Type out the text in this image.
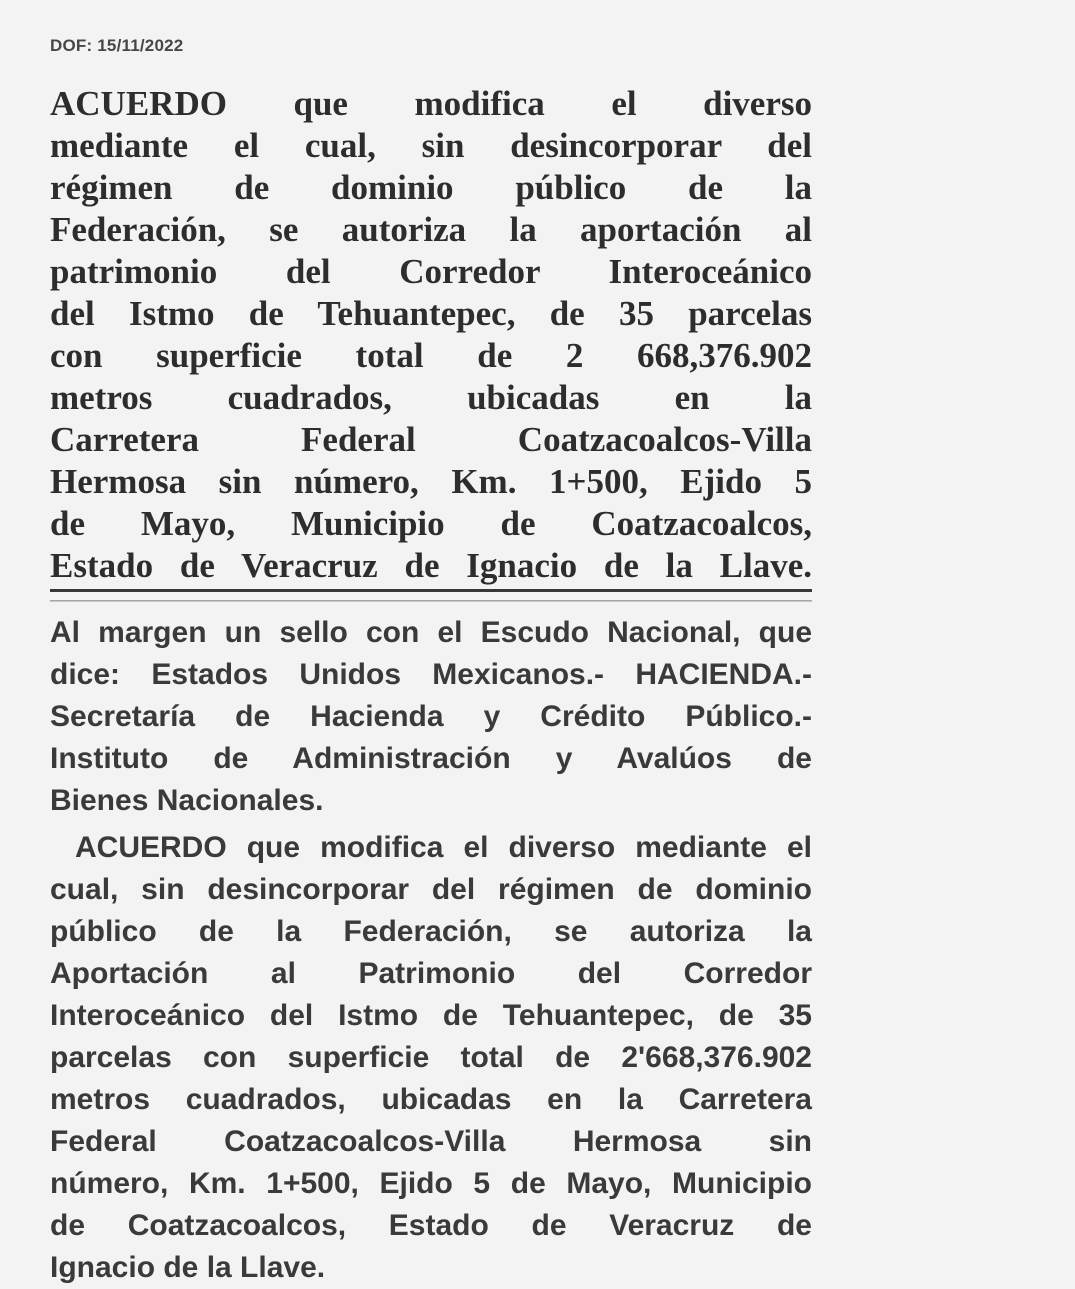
DOF: 15/11/2022
ACUERDO que modifica el diverso
mediante el cual, sin desincorporar del
régimen de dominio público de la
Federación, se autoriza la aportación al
patrimonio del Corredor Interoceánico
del Istmo de Tehuantepec, de 35 parcelas
con superficie total de 2 668,376.902
metros cuadrados, ubicadas en la
Carretera Federal Coatzacoalcos-Villa
Hermosa sin número, Km. 1+500, Ejido 5
de Mayo, Municipio de Coatzacoalcos,
Estado de Veracruz de Ignacio de la Llave.
Al margen un sello con el Escudo Nacional, que
dice: Estados Unidos Mexicanos.- HACIENDA.-
Secretaría de Hacienda y Crédito Público.-
Instituto de Administración y Avalúos de
Bienes Nacionales.
ACUERDO que modifica el diverso mediante el
cual, sin desincorporar del régimen de dominio
público de la Federación, se autoriza la
Aportación al Patrimonio del Corredor
Interoceánico del Istmo de Tehuantepec, de 35
parcelas con superficie total de 2'668,376.902
metros cuadrados, ubicadas en la Carretera
Federal Coatzacoalcos-Villa Hermosa sin
número, Km. 1+500, Ejido 5 de Mayo, Municipio
de Coatzacoalcos, Estado de Veracruz de
Ignacio de la Llave.
